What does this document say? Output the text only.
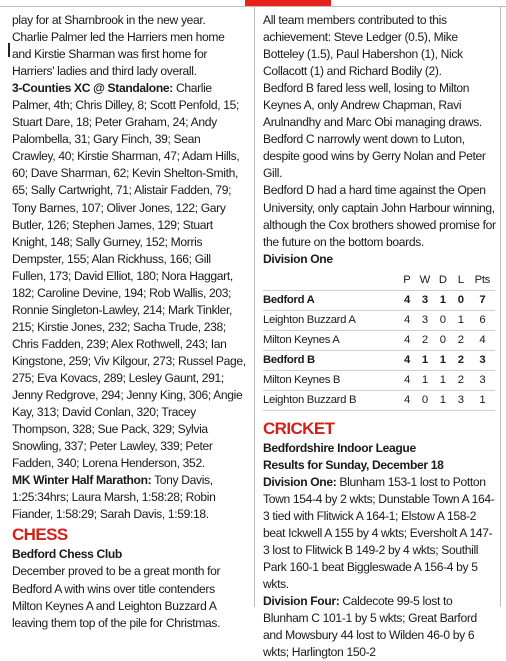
play for at Sharnbrook in the new year.

Charlie Palmer led the Harriers men home and Kirstie Sharman was first home for Harriers' ladies and third lady overall.

3-Counties XC @ Standalone: Charlie Palmer, 4th; Chris Dilley, 8; Scott Penfold, 15; Stuart Dare, 18; Peter Graham, 24; Andy Palombella, 31; Gary Finch, 39; Sean Crawley, 40; Kirstie Sharman, 47; Adam Hills, 60; Dave Sharman, 62; Kevin Shelton-Smith, 65; Sally Cartwright, 71; Alistair Fadden, 79; Tony Barnes, 107; Oliver Jones, 122; Gary Butler, 126; Stephen James, 129; Stuart Knight, 148; Sally Gurney, 152; Morris Dempster, 155; Alan Rickhuss, 166; Gill Fullen, 173; David Elliot, 180; Nora Haggart, 182; Caroline Devine, 194; Rob Wallis, 203; Ronnie Singleton-Lawley, 214; Mark Tinkler, 215; Kirstie Jones, 232; Sacha Trude, 238; Chris Fadden, 239; Alex Rothwell, 243; Ian Kingstone, 259; Viv Kilgour, 273; Russel Page, 275; Eva Kovacs, 289; Lesley Gaunt, 291; Jenny Redgrove, 294; Jenny King, 306; Angie Kay, 313; David Conlan, 320; Tracey Thompson, 328; Sue Pack, 329; Sylvia Snowling, 337; Peter Lawley, 339; Peter Fadden, 340; Lorena Henderson, 352.

MK Winter Half Marathon: Tony Davis, 1:25:34hrs; Laura Marsh, 1:58:28; Robin Fiander, 1:58:29; Sarah Davis, 1:59:18.

CHESS

Bedford Chess Club

December proved to be a great month for Bedford A with wins over title contenders Milton Keynes A and Leighton Buzzard A leaving them top of the pile for Christmas.

All team members contributed to this achievement: Steve Ledger (0.5), Mike Botteley (1.5), Paul Habershon (1), Nick Collacott (1) and Richard Bodily (2).

Bedford B fared less well, losing to Milton Keynes A, only Andrew Chapman, Ravi Arulnandhy and Marc Obi managing draws.

Bedford C narrowly went down to Luton, despite good wins by Gerry Nolan and Peter Gill.

Bedford D had a hard time against the Open University, only captain John Harbour winning, although the Cox brothers showed promise for the future on the bottom boards.

Division One

	P	W	D	L	Pts
Bedford A	4	3	1	0	7
Leighton Buzzard A	4	3	0	1	6
Milton Keynes A	4	2	0	2	4
Bedford B	4	1	1	2	3
Milton Keynes B	4	1	1	2	3
Leighton Buzzard B	4	0	1	3	1
CRICKET

Bedfordshire Indoor League

Results for Sunday, December 18

Division One: Blunham 153-1 lost to Potton Town 154-4 by 2 wkts; Dunstable Town A 164-3 tied with Flitwick A 164-1; Elstow A 158-2 beat Ickwell A 155 by 4 wkts; Eversholt A 147-3 lost to Flitwick B 149-2 by 4 wkts; Southill Park 160-1 beat Biggleswade A 156-4 by 5 wkts.

Division Four: Caldecote 99-5 lost to Blunham C 101-1 by 5 wkts; Great Barford and Mowsbury 44 lost to Wilden 46-0 by 6 wkts; Harlington 150-2
